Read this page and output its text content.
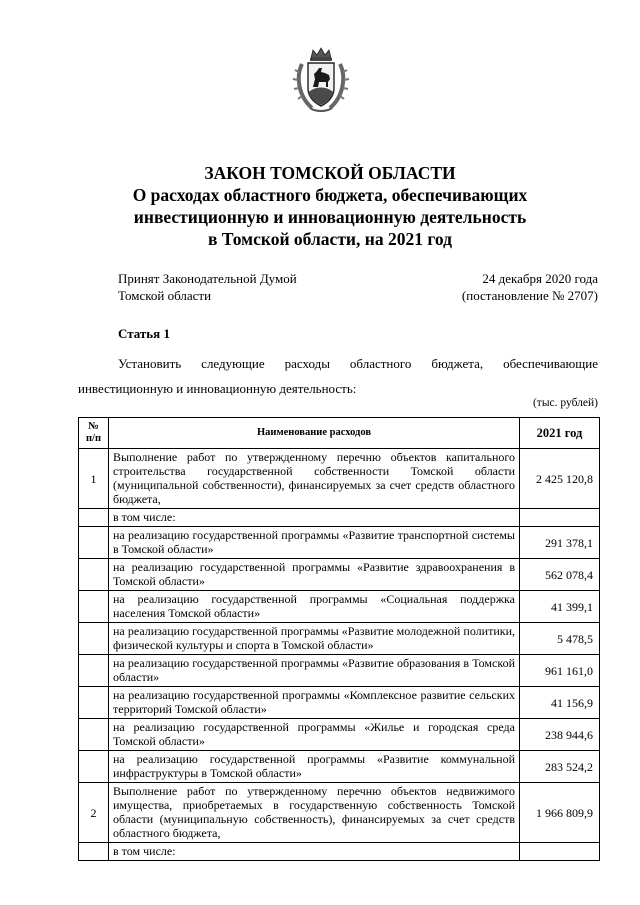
ЗАКОН ТОМСКОЙ ОБЛАСТИ
О расходах областного бюджета, обеспечивающих
инвестиционную и инновационную деятельность
в Томской области, на 2021 год
Принят Законодательной Думой
Томской области
24 декабря 2020 года
(постановление № 2707)
Статья 1
Установить следующие расходы областного бюджета, обеспечивающие инвестиционную и инновационную деятельность:
(тыс. рублей)
№ п/п	Наименование расходов	2021 год
1	Выполнение работ по утвержденному перечню объектов капитального строительства государственной собственности Томской области (муниципальной собственности), финансируемых за счет средств областного бюджета,	2 425 120,8
	в том числе:	
	на реализацию государственной программы «Развитие транспортной системы в Томской области»	291 378,1
	на реализацию государственной программы «Развитие здравоохранения в Томской области»	562 078,4
	на реализацию государственной программы «Социальная поддержка населения Томской области»	41 399,1
	на реализацию государственной программы «Развитие молодежной политики, физической культуры и спорта в Томской области»	5 478,5
	на реализацию государственной программы «Развитие образования в Томской области»	961 161,0
	на реализацию государственной программы «Комплексное развитие сельских территорий Томской области»	41 156,9
	на реализацию государственной программы «Жилье и городская среда Томской области»	238 944,6
	на реализацию государственной программы «Развитие коммунальной инфраструктуры в Томской области»	283 524,2
2	Выполнение работ по утвержденному перечню объектов недвижимого имущества, приобретаемых в государственную собственность Томской области (муниципальную собственность), финансируемых за счет средств областного бюджета,	1 966 809,9
	в том числе:	
